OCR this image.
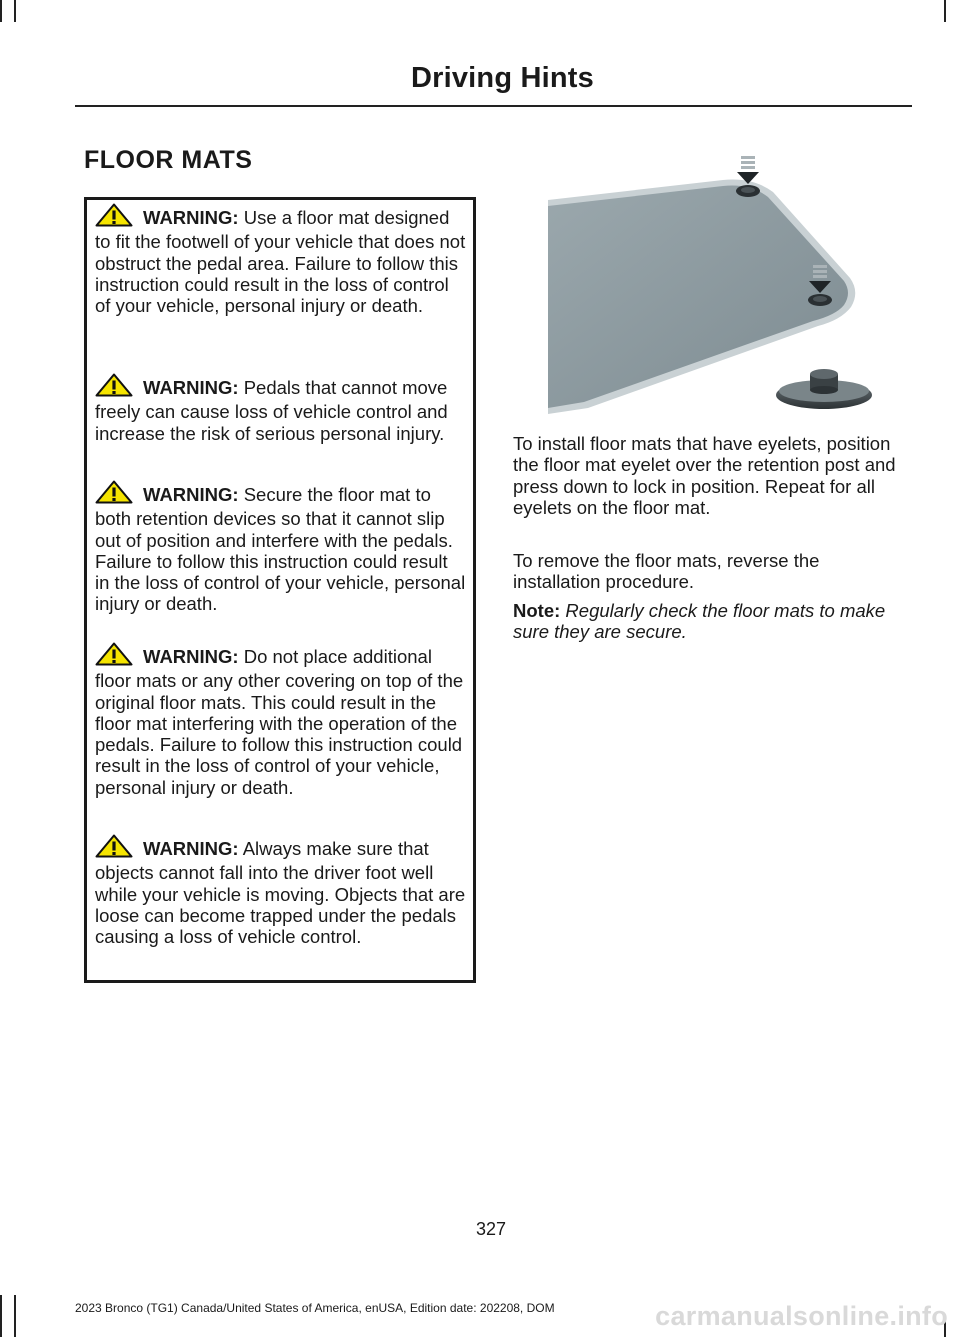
Driving Hints
FLOOR MATS
WARNING: Use a floor mat designed to fit the footwell of your vehicle that does not obstruct the pedal area. Failure to follow this instruction could result in the loss of control of your vehicle, personal injury or death.
WARNING: Pedals that cannot move freely can cause loss of vehicle control and increase the risk of serious personal injury.
WARNING: Secure the floor mat to both retention devices so that it cannot slip out of position and interfere with the pedals. Failure to follow this instruction could result in the loss of control of your vehicle, personal injury or death.
WARNING: Do not place additional floor mats or any other covering on top of the original floor mats. This could result in the floor mat interfering with the operation of the pedals. Failure to follow this instruction could result in the loss of control of your vehicle, personal injury or death.
WARNING: Always make sure that objects cannot fall into the driver foot well while your vehicle is moving. Objects that are loose can become trapped under the pedals causing a loss of vehicle control.
To install floor mats that have eyelets, position the floor mat eyelet over the retention post and press down to lock in position. Repeat for all eyelets on the floor mat.
To remove the floor mats, reverse the installation procedure.
Note: Regularly check the floor mats to make sure they are secure.
327
2023 Bronco (TG1) Canada/United States of America, enUSA, Edition date: 202208, DOM	carmanualsonline.info
